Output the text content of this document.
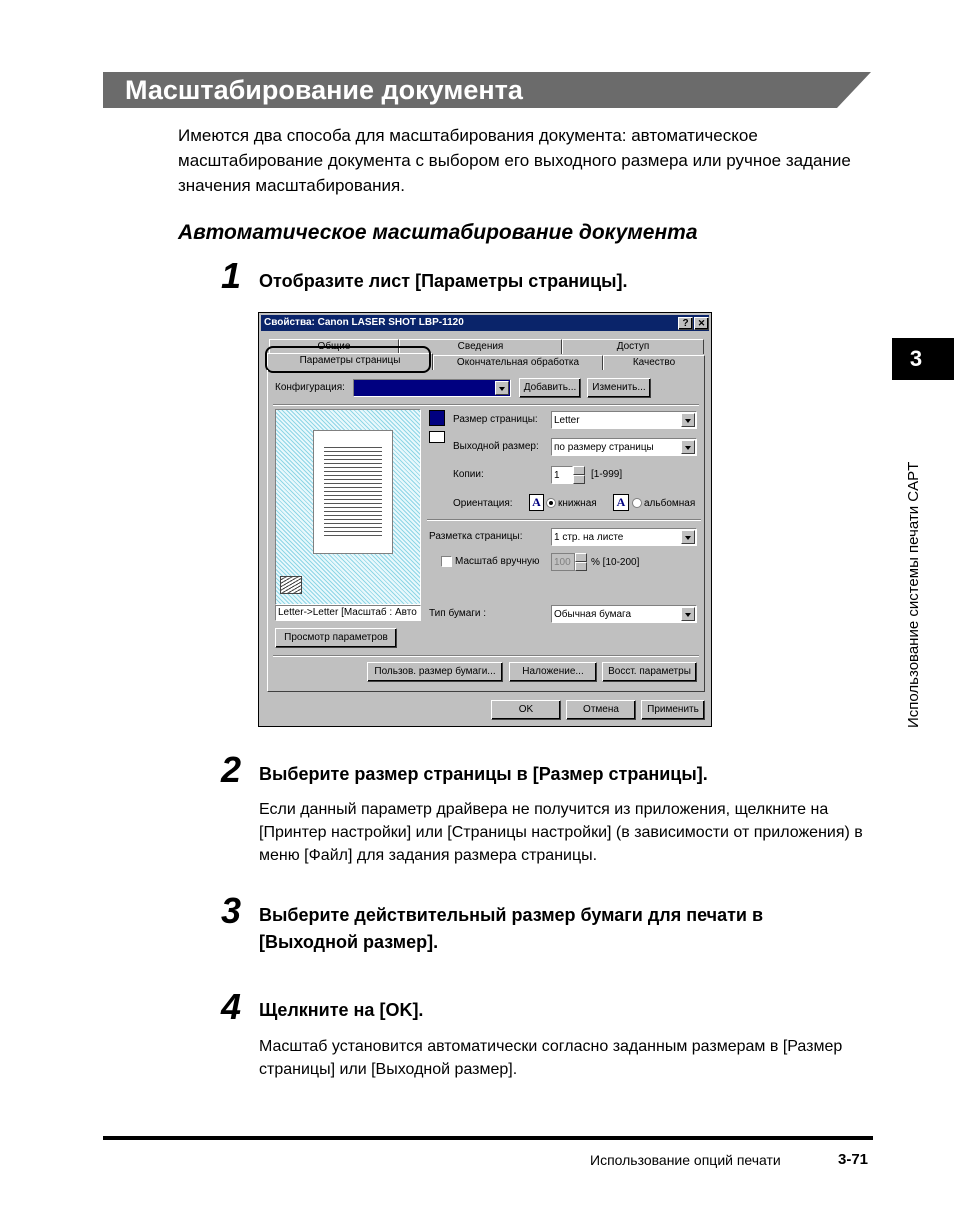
Масштабирование документа
Имеются два способа для масштабирования документа: автоматическое масштабирование документа с выбором его выходного размера или ручное задание значения масштабирования.
Автоматическое масштабирование документа
1 Отобразите лист [Параметры страницы].
Свойства: Canon LASER SHOT LBP-1120	?	✕
Общие	Сведения	Доступ
Параметры страницы	Окончательная обработка	Качество
Конфигурация:	Добавить...	Изменить...
Letter->Letter [Масштаб : Авто
Размер страницы: Letter
Выходной размер: по размеру страницы
Копии:	1	[1-999]
Ориентация: A	книжная	A	альбомная
Разметка страницы:	1 стр. на листе
Масштаб вручную 100 % [10-200]
Тип бумаги :	Обычная бумага
Просмотр параметров
Пользов. размер бумаги...	Наложение...	Восст. параметры
OK	Отмена	Применить
2 Выберите размер страницы в [Размер страницы].
Если данный параметр драйвера не получится из приложения, щелкните на [Принтер настройки] или [Страницы настройки] (в зависимости от приложения) в меню [Файл] для задания размера страницы.
3 Выберите действительный размер бумаги для печати в [Выходной размер].
4 Щелкните на [OK].
Масштаб установится автоматически согласно заданным размерам в [Размер страницы] или [Выходной размер].
3
Использование системы печати CAPT
Использование опций печати	3-71
